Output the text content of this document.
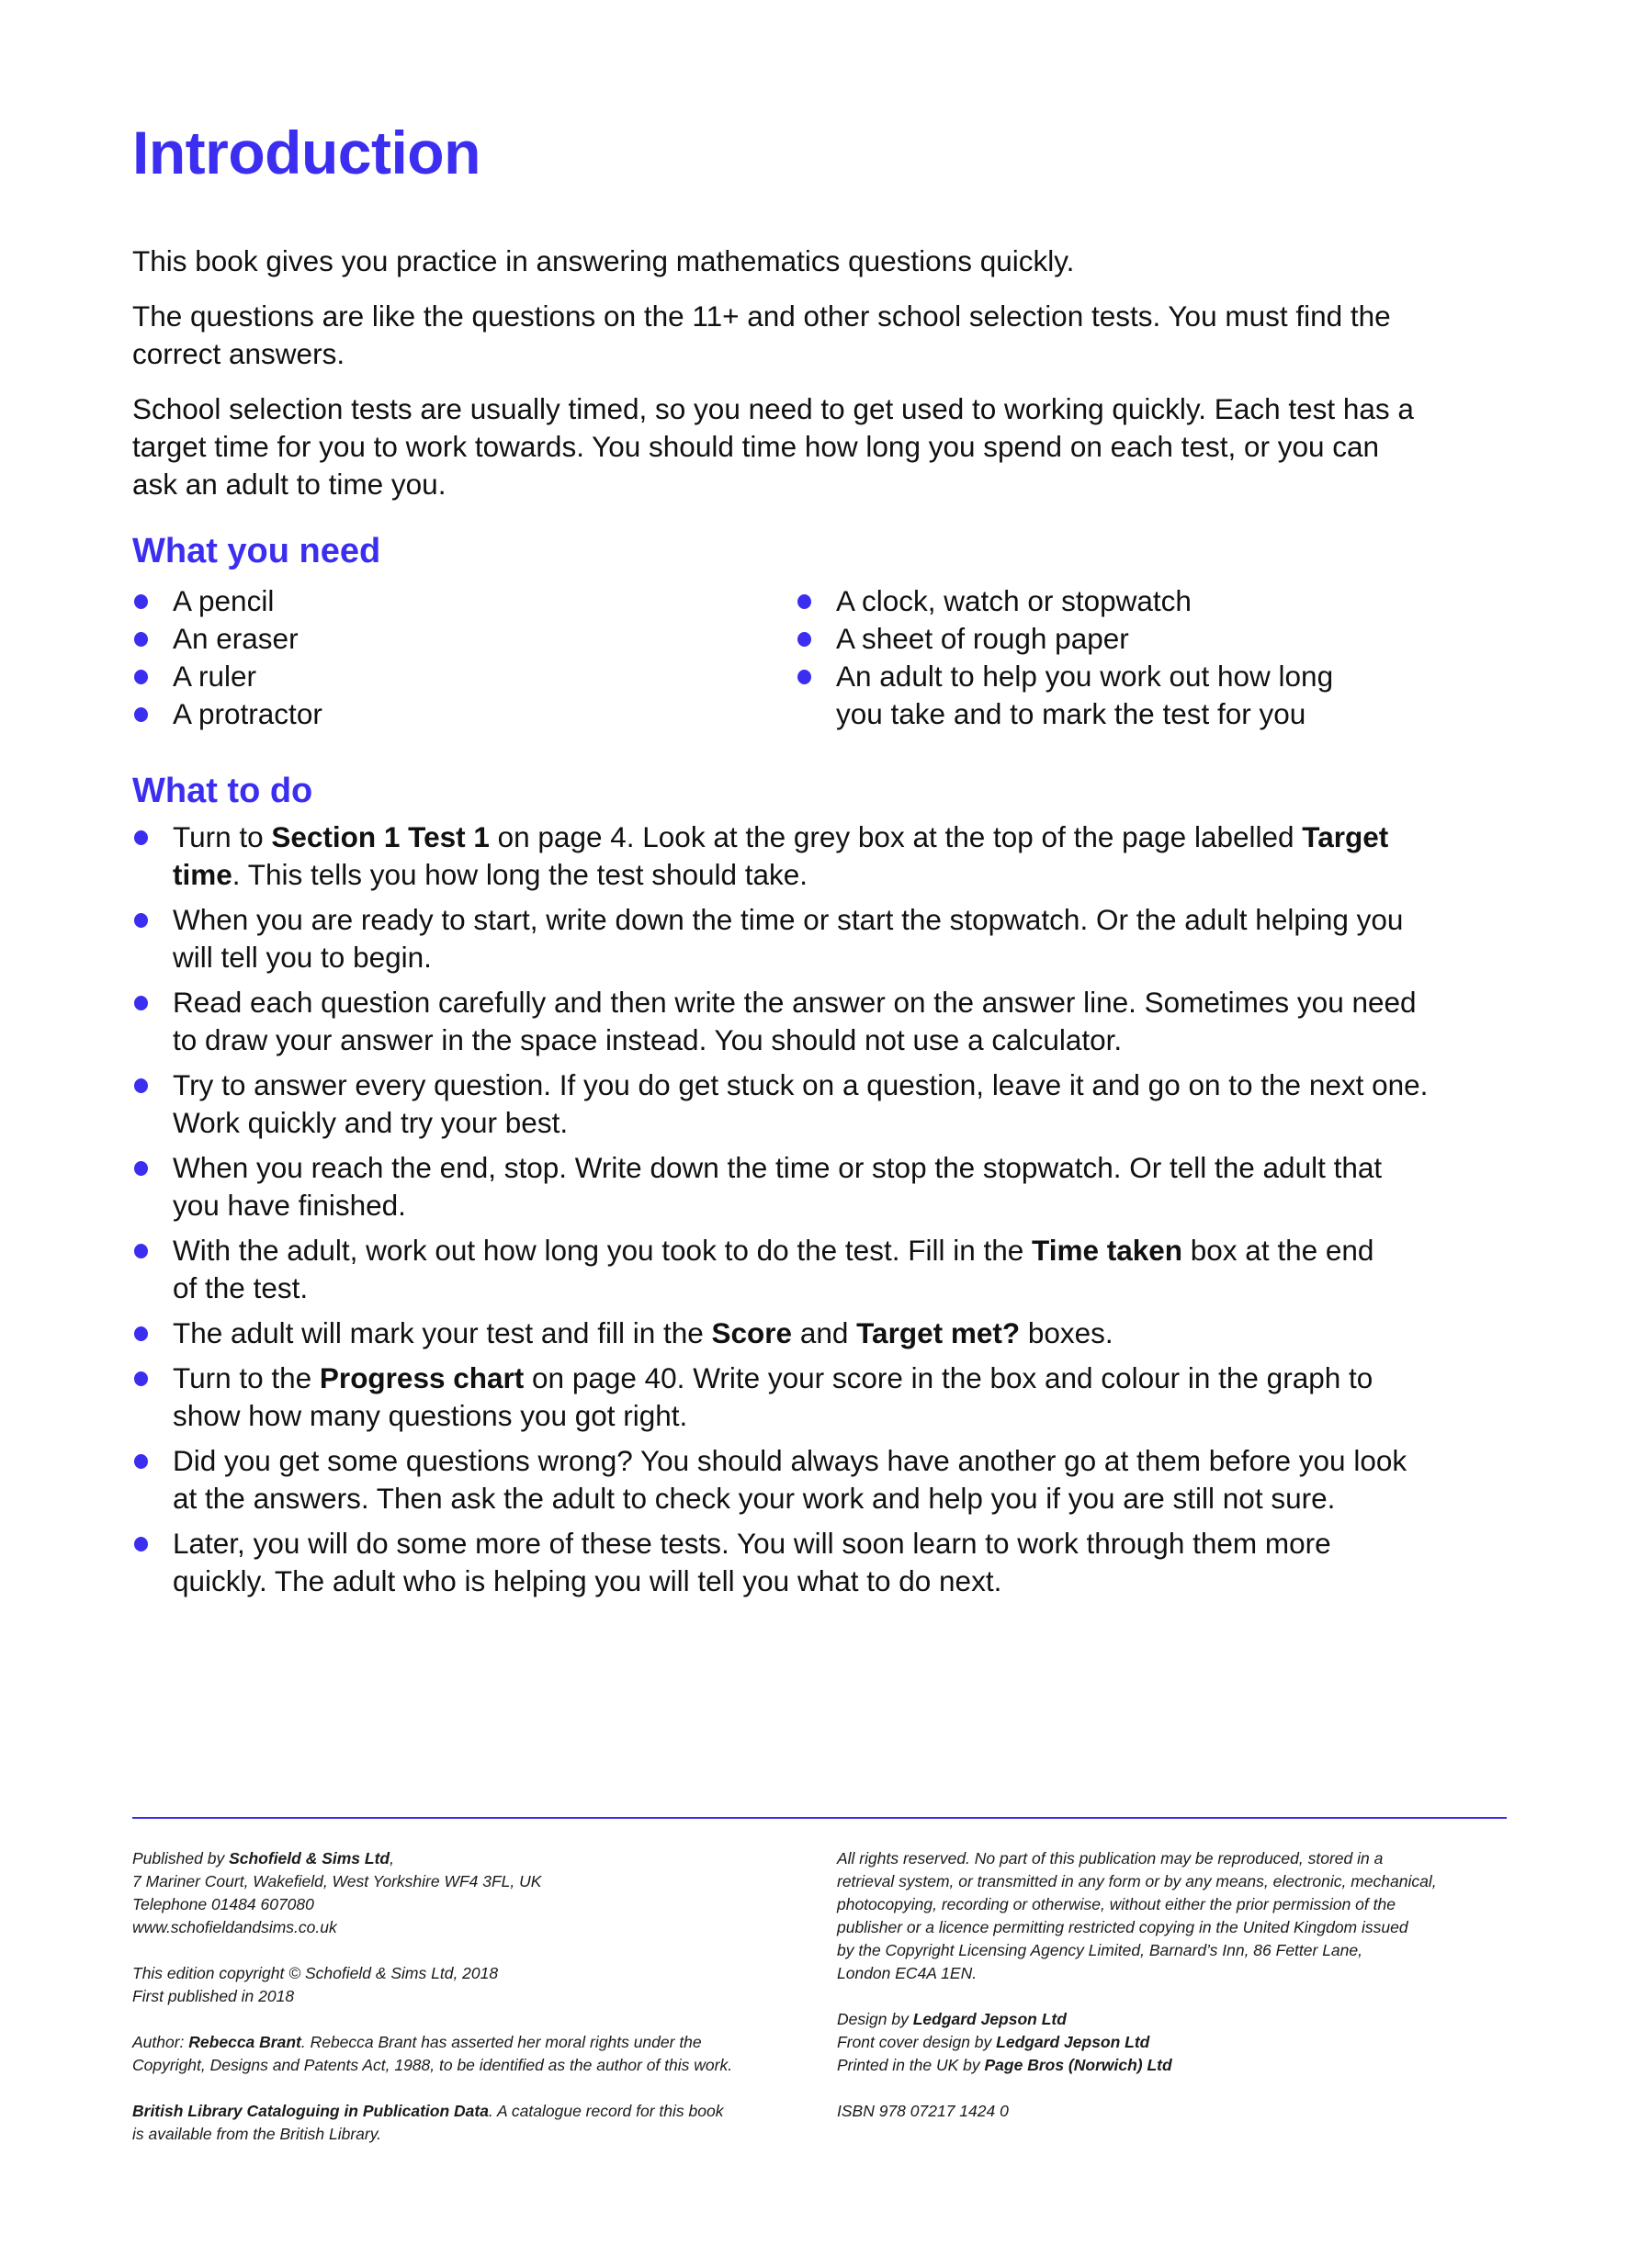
Introduction

This book gives you practice in answering mathematics questions quickly.

The questions are like the questions on the 11+ and other school selection tests. You must find the
correct answers.

School selection tests are usually timed, so you need to get used to working quickly. Each test has a
target time for you to work towards. You should time how long you spend on each test, or you can
ask an adult to time you.

What you need
A pencil
An eraser
A ruler
A protractor
A clock, watch or stopwatch
A sheet of rough paper
An adult to help you work out how long
you take and to mark the test for you
What to do
Turn to Section 1 Test 1 on page 4. Look at the grey box at the top of the page labelled Target
time. This tells you how long the test should take.
When you are ready to start, write down the time or start the stopwatch. Or the adult helping you
will tell you to begin.
Read each question carefully and then write the answer on the answer line. Sometimes you need
to draw your answer in the space instead. You should not use a calculator.
Try to answer every question. If you do get stuck on a question, leave it and go on to the next one.
Work quickly and try your best.
When you reach the end, stop. Write down the time or stop the stopwatch. Or tell the adult that
you have finished.
With the adult, work out how long you took to do the test. Fill in the Time taken box at the end
of the test.
The adult will mark your test and fill in the Score and Target met? boxes.
Turn to the Progress chart on page 40. Write your score in the box and colour in the graph to
show how many questions you got right.
Did you get some questions wrong? You should always have another go at them before you look
at the answers. Then ask the adult to check your work and help you if you are still not sure.
Later, you will do some more of these tests. You will soon learn to work through them more
quickly. The adult who is helping you will tell you what to do next.
Published by Schofield & Sims Ltd,
7 Mariner Court, Wakefield, West Yorkshire WF4 3FL, UK
Telephone 01484 607080
www.schofieldandsims.co.uk
This edition copyright © Schofield & Sims Ltd, 2018
First published in 2018
Author: Rebecca Brant. Rebecca Brant has asserted her moral rights under the
Copyright, Designs and Patents Act, 1988, to be identified as the author of this work.
British Library Cataloguing in Publication Data. A catalogue record for this book
is available from the British Library.
All rights reserved. No part of this publication may be reproduced, stored in a
retrieval system, or transmitted in any form or by any means, electronic, mechanical,
photocopying, recording or otherwise, without either the prior permission of the
publisher or a licence permitting restricted copying in the United Kingdom issued
by the Copyright Licensing Agency Limited, Barnard’s Inn, 86 Fetter Lane,
London EC4A 1EN.
Design by Ledgard Jepson Ltd
Front cover design by Ledgard Jepson Ltd
Printed in the UK by Page Bros (Norwich) Ltd
ISBN 978 07217 1424 0
